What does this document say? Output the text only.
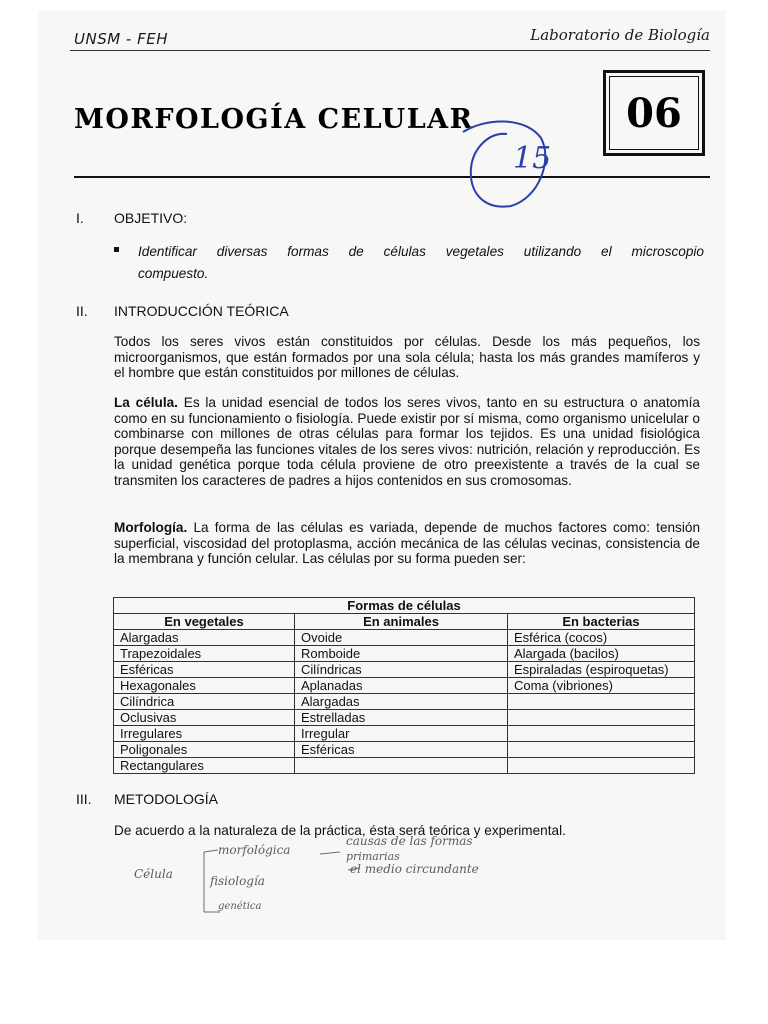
UNSM - FEH	Laboratorio de Biología
MORFOLOGÍA CELULAR	06
15
I. OBJETIVO:
Identificar diversas formas de células vegetales utilizando el microscopio
compuesto.
II. INTRODUCCIÓN TEÓRICA
Todos los seres vivos están constituidos por células. Desde los más pequeños, los microorganismos, que están formados por una sola célula; hasta los más grandes mamíferos y el hombre que están constituidos por millones de células.
La célula. Es la unidad esencial de todos los seres vivos, tanto en su estructura o anatomía como en su funcionamiento o fisiología. Puede existir por sí misma, como organismo unicelular o combinarse con millones de otras células para formar los tejidos. Es una unidad fisiológica porque desempeña las funciones vitales de los seres vivos: nutrición, relación y reproducción. Es la unidad genética porque toda célula proviene de otro preexistente a través de la cual se transmiten los caracteres de padres a hijos contenidos en sus cromosomas.
Morfología. La forma de las células es variada, depende de muchos factores como: tensión superficial, viscosidad del protoplasma, acción mecánica de las células vecinas, consistencia de la membrana y función celular. Las células por su forma pueden ser:
Formas de células		
En vegetales	En animales	En bacterias
Alargadas	Ovoide	Esférica (cocos)
Trapezoidales	Romboide	Alargada (bacilos)
Esféricas	Cilíndricas	Espiraladas (espiroquetas)
Hexagonales	Aplanadas	Coma (vibriones)
Cilíndrica	Alargadas	
Oclusivas	Estrelladas	
Irregulares	Irregular	
Poligonales	Esféricas	
Rectangulares		
III. METODOLOGÍA
De acuerdo a la naturaleza de la práctica, ésta será teórica y experimental.
Célula
morfológica
fisiología
genética
causas de las formas
primarias
el medio circundante
